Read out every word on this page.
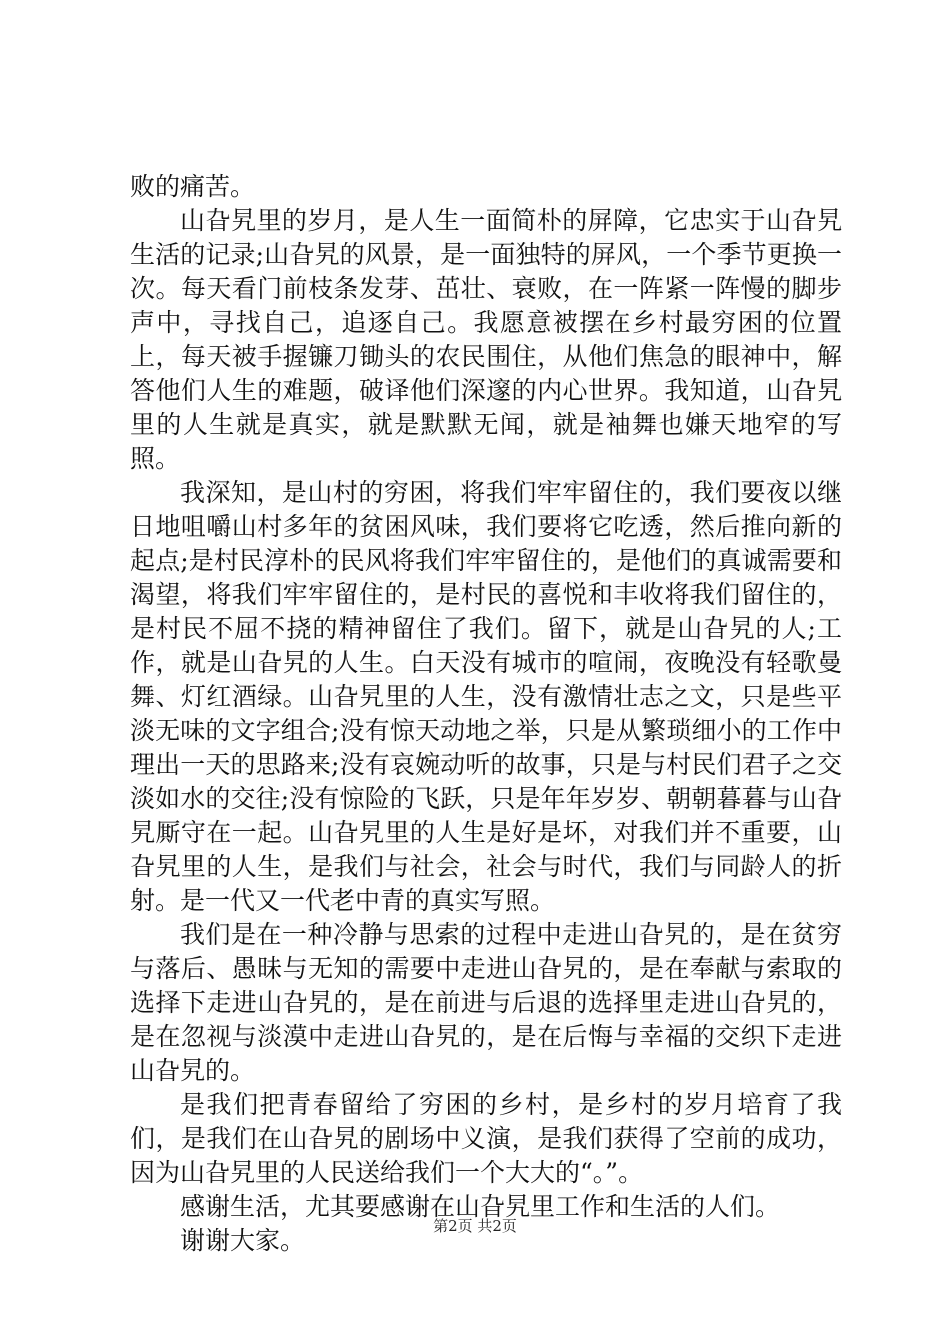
败的痛苦。

山旮旯里的岁月，是人生一面简朴的屏障，它忠实于山旮旯生活的记录;山旮旯的风景，是一面独特的屏风，一个季节更换一次。每天看门前枝条发芽、茁壮、衰败，在一阵紧一阵慢的脚步声中，寻找自己，追逐自己。我愿意被摆在乡村最穷困的位置上，每天被手握镰刀锄头的农民围住，从他们焦急的眼神中，解答他们人生的难题，破译他们深邃的内心世界。我知道，山旮旯里的人生就是真实，就是默默无闻，就是袖舞也嫌天地窄的写照。

我深知，是山村的穷困，将我们牢牢留住的，我们要夜以继日地咀嚼山村多年的贫困风味，我们要将它吃透，然后推向新的起点;是村民淳朴的民风将我们牢牢留住的，是他们的真诚需要和渴望，将我们牢牢留住的，是村民的喜悦和丰收将我们留住的，是村民不屈不挠的精神留住了我们。留下，就是山旮旯的人;工作，就是山旮旯的人生。白天没有城市的喧闹，夜晚没有轻歌曼舞、灯红酒绿。山旮旯里的人生，没有激情壮志之文，只是些平淡无味的文字组合;没有惊天动地之举，只是从繁琐细小的工作中理出一天的思路来;没有哀婉动听的故事，只是与村民们君子之交淡如水的交往;没有惊险的飞跃，只是年年岁岁、朝朝暮暮与山旮旯厮守在一起。山旮旯里的人生是好是坏，对我们并不重要，山旮旯里的人生，是我们与社会，社会与时代，我们与同龄人的折射。是一代又一代老中青的真实写照。

我们是在一种冷静与思索的过程中走进山旮旯的，是在贫穷与落后、愚昧与无知的需要中走进山旮旯的，是在奉献与索取的选择下走进山旮旯的，是在前进与后退的选择里走进山旮旯的，是在忽视与淡漠中走进山旮旯的，是在后悔与幸福的交织下走进山旮旯的。

是我们把青春留给了穷困的乡村，是乡村的岁月培育了我们，是我们在山旮旯的剧场中义演，是我们获得了空前的成功，因为山旮旯里的人民送给我们一个大大的“。”。

感谢生活，尤其要感谢在山旮旯里工作和生活的人们。

谢谢大家。	第2页 共2页
